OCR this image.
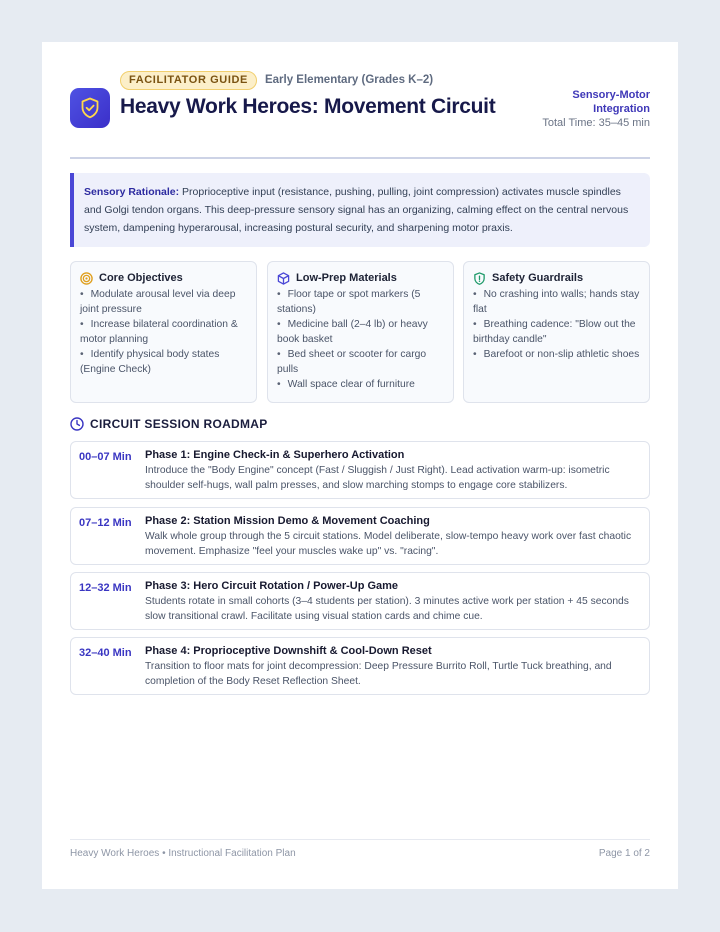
FACILITATOR GUIDE	Early Elementary (Grades K–2)
Heavy Work Heroes: Movement Circuit	Sensory-Motor Integration
Total Time: 35–45 min
Sensory Rationale: Proprioceptive input (resistance, pushing, pulling, joint compression) activates muscle spindles and Golgi tendon organs. This deep-pressure sensory signal has an organizing, calming effect on the central nervous system, dampening hyperarousal, increasing postural security, and sharpening motor praxis.
Core Objectives
• Modulate arousal level via deep joint pressure
• Increase bilateral coordination & motor planning
• Identify physical body states (Engine Check)
Low-Prep Materials
• Floor tape or spot markers (5 stations)
• Medicine ball (2–4 lb) or heavy book basket
• Bed sheet or scooter for cargo pulls
• Wall space clear of furniture
Safety Guardrails
• No crashing into walls; hands stay flat
• Breathing cadence: "Blow out the birthday candle"
• Barefoot or non-slip athletic shoes
CIRCUIT SESSION ROADMAP
00–07 Min	Phase 1: Engine Check-in & Superhero Activation
Introduce the "Body Engine" concept (Fast / Sluggish / Just Right). Lead activation warm-up: isometric shoulder self-hugs, wall palm presses, and slow marching stomps to engage core stabilizers.
07–12 Min	Phase 2: Station Mission Demo & Movement Coaching
Walk whole group through the 5 circuit stations. Model deliberate, slow-tempo heavy work over fast chaotic movement. Emphasize "feel your muscles wake up" vs. "racing".
12–32 Min	Phase 3: Hero Circuit Rotation / Power-Up Game
Students rotate in small cohorts (3–4 students per station). 3 minutes active work per station + 45 seconds slow transitional crawl. Facilitate using visual station cards and chime cue.
32–40 Min	Phase 4: Proprioceptive Downshift & Cool-Down Reset
Transition to floor mats for joint decompression: Deep Pressure Burrito Roll, Turtle Tuck breathing, and completion of the Body Reset Reflection Sheet.
Heavy Work Heroes • Instructional Facilitation Plan	Page 1 of 2
